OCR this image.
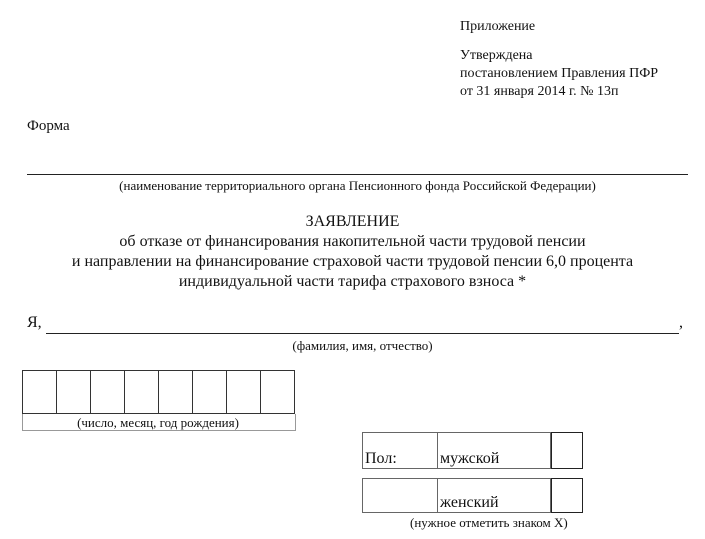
Приложение
Утверждена
постановлением Правления ПФР
от 31 января 2014 г. № 13п
Форма
(наименование территориального органа Пенсионного фонда Российской Федерации)
ЗАЯВЛЕНИЕ
об отказе от финансирования накопительной части трудовой пенсии
и направлении на финансирование страховой части трудовой пенсии 6,0 процента
индивидуальной части тарифа страхового взноса *
Я,	,
(фамилия, имя, отчество)
(число, месяц, год рождения)
Пол:	мужской
женский
(нужное отметить знаком Х)
